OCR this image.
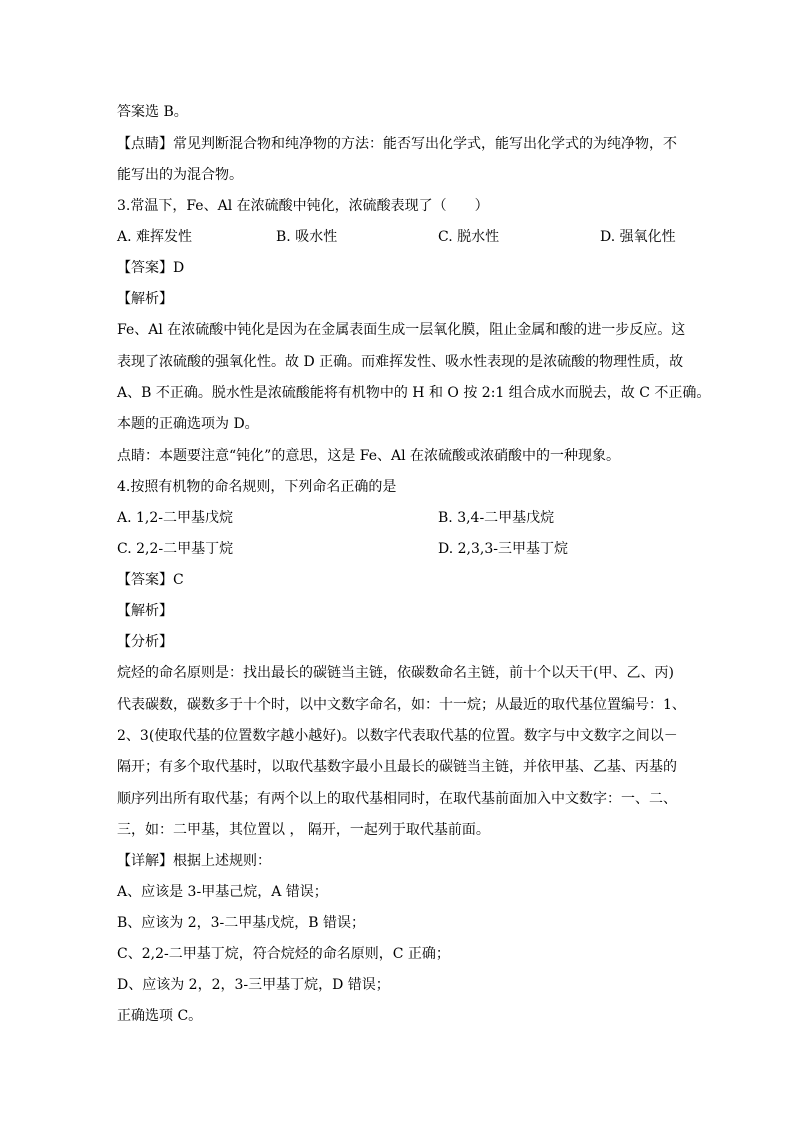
答案选 B。
【点睛】常见判断混合物和纯净物的方法：能否写出化学式，能写出化学式的为纯净物，不
能写出的为混合物。
3.常温下，Fe、Al 在浓硫酸中钝化，浓硫酸表现了（　　）
A. 难挥发性	B. 吸水性	C. 脱水性	D. 强氧化性
【答案】D
【解析】
Fe、Al 在浓硫酸中钝化是因为在金属表面生成一层氧化膜，阻止金属和酸的进一步反应。这
表现了浓硫酸的强氧化性。故 D 正确。而难挥发性、吸水性表现的是浓硫酸的物理性质，故
A、B 不正确。脱水性是浓硫酸能将有机物中的 H 和 O 按 2:1 组合成水而脱去，故 C 不正确。
本题的正确选项为 D。
点睛：本题要注意“钝化”的意思，这是 Fe、Al 在浓硫酸或浓硝酸中的一种现象。
4.按照有机物的命名规则，下列命名正确的是
A. 1,2-二甲基戊烷	B. 3,4-二甲基戊烷
C. 2,2-二甲基丁烷	D. 2,3,3-三甲基丁烷
【答案】C
【解析】
【分析】
烷烃的命名原则是：找出最长的碳链当主链，依碳数命名主链，前十个以天干(甲、乙、丙)
代表碳数，碳数多于十个时，以中文数字命名，如：十一烷；从最近的取代基位置编号：1、
2、3(使取代基的位置数字越小越好)。以数字代表取代基的位置。数字与中文数字之间以－
隔开；有多个取代基时，以取代基数字最小且最长的碳链当主链，并依甲基、乙基、丙基的
顺序列出所有取代基；有两个以上的取代基相同时，在取代基前面加入中文数字：一、二、
三，如：二甲基，其位置以 ， 隔开，一起列于取代基前面。
【详解】根据上述规则：
A、应该是 3-甲基己烷，A 错误；
B、应该为 2，3-二甲基戊烷，B 错误；
C、2,2-二甲基丁烷，符合烷烃的命名原则，C 正确；
D、应该为 2，2，3-三甲基丁烷，D 错误；
正确选项 C。
